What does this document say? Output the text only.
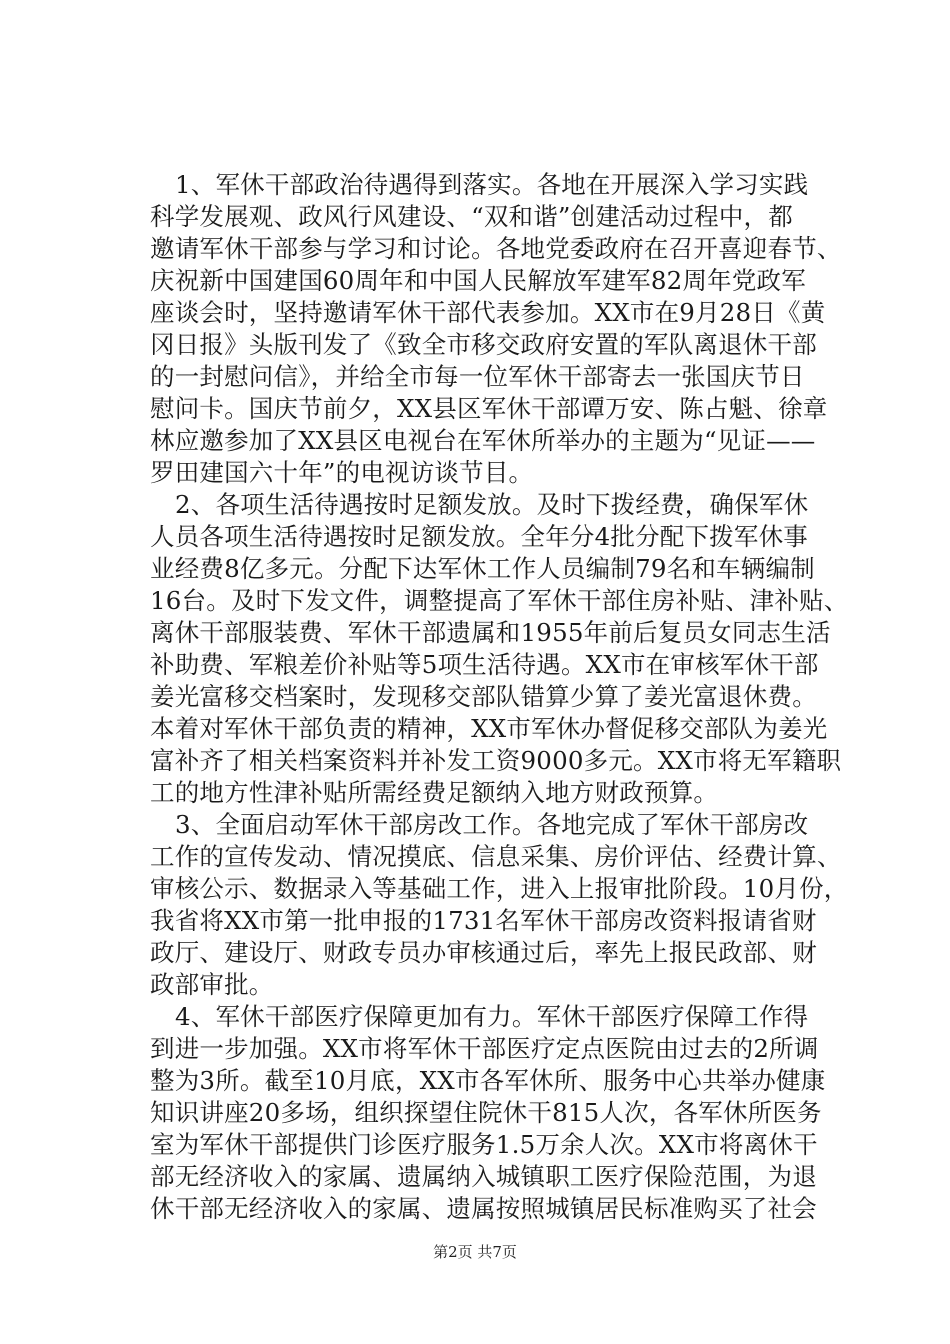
1、军休干部政治待遇得到落实。各地在开展深入学习实践
科学发展观、政风行风建设、“双和谐”创建活动过程中，都
邀请军休干部参与学习和讨论。各地党委政府在召开喜迎春节、
庆祝新中国建国60周年和中国人民解放军建军82周年党政军
座谈会时，坚持邀请军休干部代表参加。XX市在9月28日《黄
冈日报》头版刊发了《致全市移交政府安置的军队离退休干部
的一封慰问信》，并给全市每一位军休干部寄去一张国庆节日
慰问卡。国庆节前夕，XX县区军休干部谭万安、陈占魁、徐章
林应邀参加了XX县区电视台在军休所举办的主题为“见证——
罗田建国六十年”的电视访谈节目。
2、各项生活待遇按时足额发放。及时下拨经费，确保军休
人员各项生活待遇按时足额发放。全年分4批分配下拨军休事
业经费8亿多元。分配下达军休工作人员编制79名和车辆编制
16台。及时下发文件，调整提高了军休干部住房补贴、津补贴、
离休干部服装费、军休干部遗属和1955年前后复员女同志生活
补助费、军粮差价补贴等5项生活待遇。XX市在审核军休干部
姜光富移交档案时，发现移交部队错算少算了姜光富退休费。
本着对军休干部负责的精神，XX市军休办督促移交部队为姜光
富补齐了相关档案资料并补发工资9000多元。XX市将无军籍职
工的地方性津补贴所需经费足额纳入地方财政预算。
3、全面启动军休干部房改工作。各地完成了军休干部房改
工作的宣传发动、情况摸底、信息采集、房价评估、经费计算、
审核公示、数据录入等基础工作，进入上报审批阶段。10月份，
我省将XX市第一批申报的1731名军休干部房改资料报请省财
政厅、建设厅、财政专员办审核通过后，率先上报民政部、财
政部审批。
4、军休干部医疗保障更加有力。军休干部医疗保障工作得
到进一步加强。XX市将军休干部医疗定点医院由过去的2所调
整为3所。截至10月底，XX市各军休所、服务中心共举办健康
知识讲座20多场，组织探望住院休干815人次，各军休所医务
室为军休干部提供门诊医疗服务1.5万余人次。XX市将离休干
部无经济收入的家属、遗属纳入城镇职工医疗保险范围，为退
休干部无经济收入的家属、遗属按照城镇居民标准购买了社会
第2页 共7页
